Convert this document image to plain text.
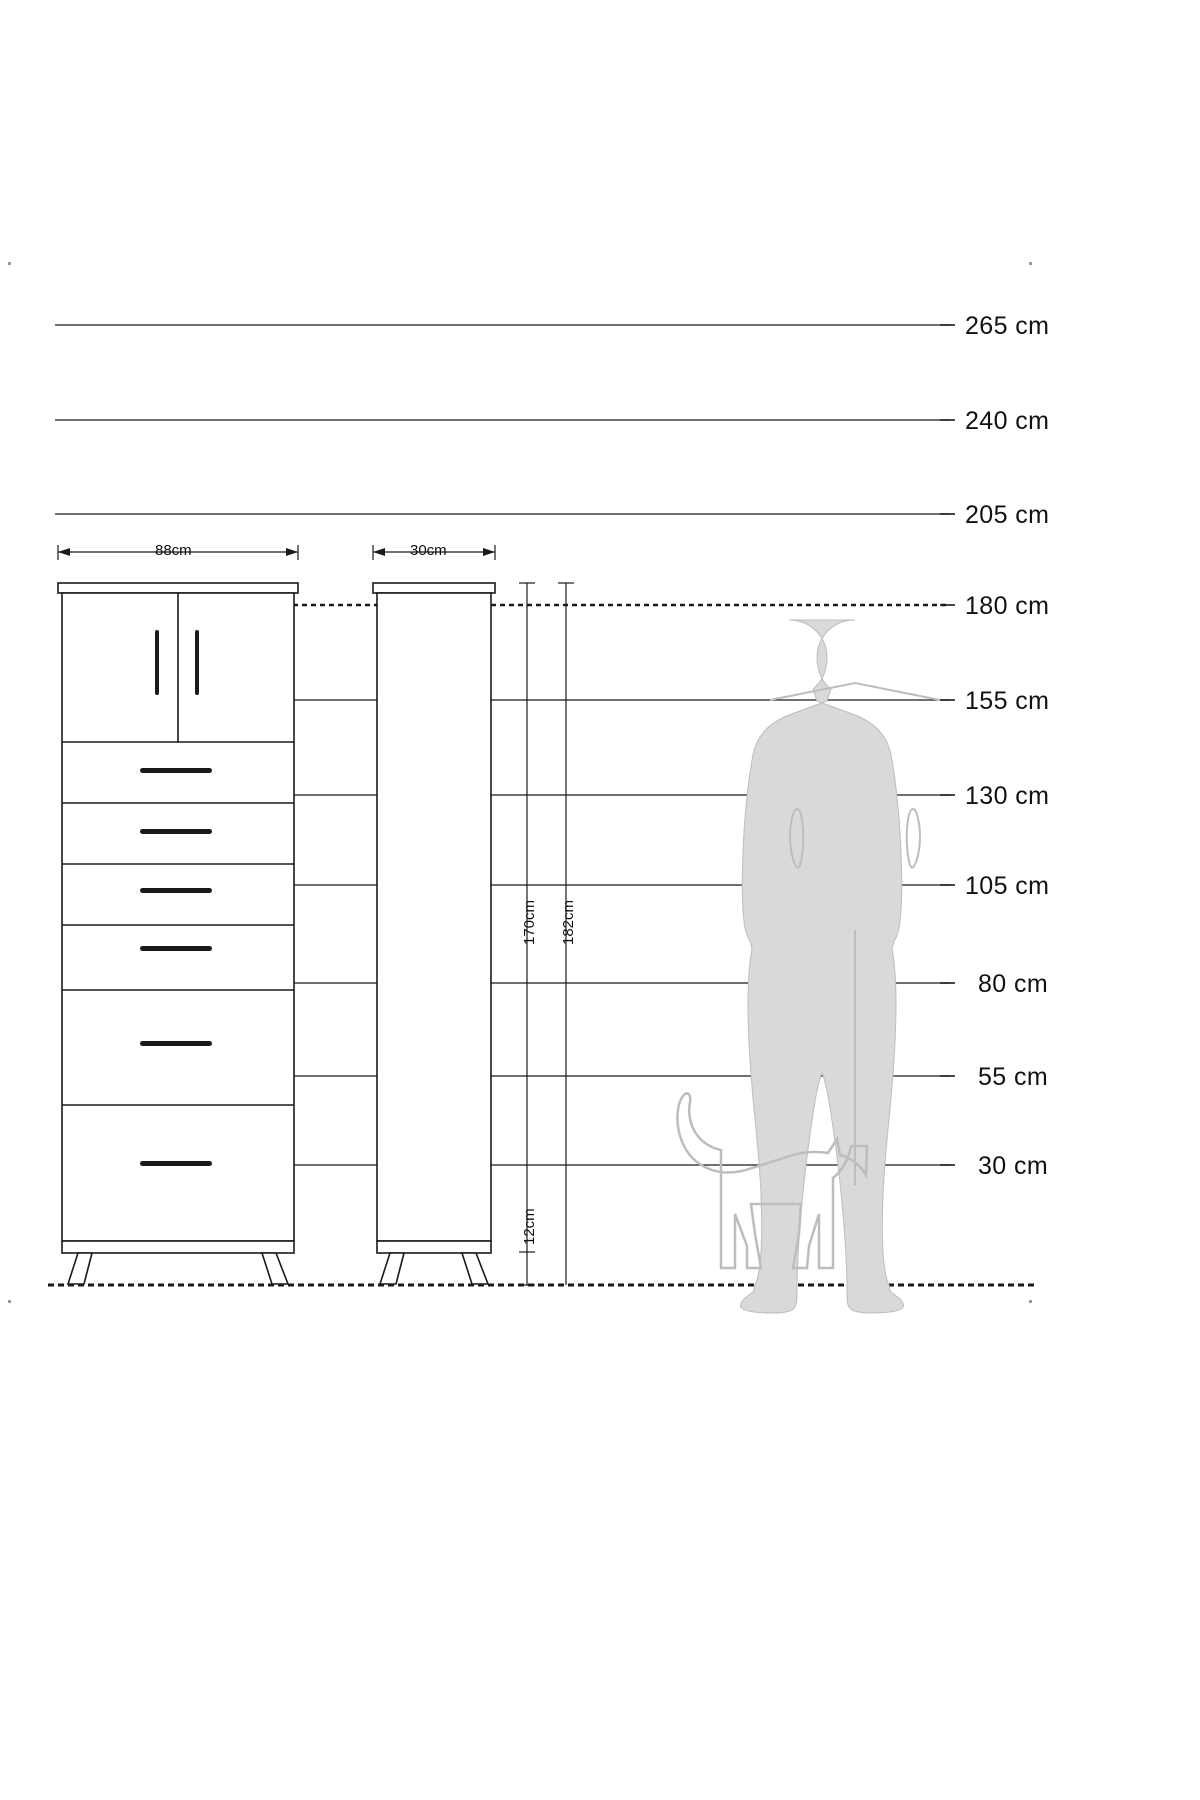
265 cm
240 cm
205 cm
180 cm
155 cm
130 cm
105 cm
80 cm
55 cm
30 cm
88cm	30cm
170cm 182cm
12cm
